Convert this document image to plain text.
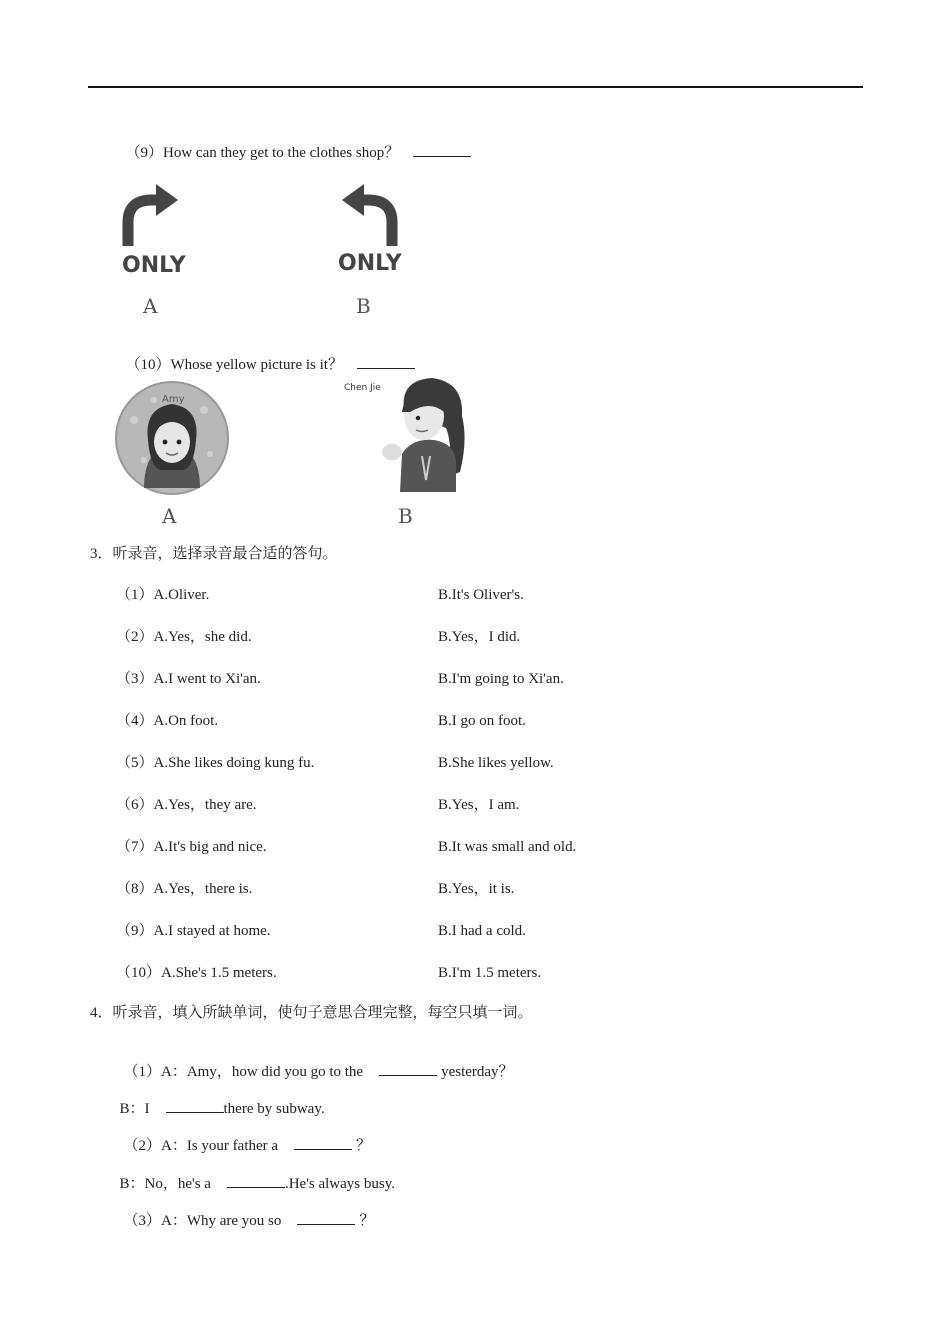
（9）How can they get to the clothes shop？

ONLY
A
ONLY
B

（10）Whose yellow picture is it？

Amy
A
Chen Jie
B
3．听录音，选择录音最合适的答句。
（1）A.Oliver.	B.It's Oliver's.
（2）A.Yes，she did.	B.Yes，I did.
（3）A.I went to Xi'an.	B.I'm going to Xi'an.
（4）A.On foot.	B.I go on foot.
（5）A.She likes doing kung fu.	B.She likes yellow.
（6）A.Yes，they are.	B.Yes，I am.
（7）A.It's big and nice.	B.It was small and old.
（8）A.Yes，there is.	B.Yes，it is.
（9）A.I stayed at home.	B.I had a cold.
（10）A.She's 1.5 meters.	B.I'm 1.5 meters.
4．听录音，填入所缺单词，使句子意思合理完整，每空只填一词。

（1）A：Amy，how did you go to the	yesterday？

B：I	there by subway.

（2）A：Is your father a	？

B：No，he's a	.He's always busy.

（3）A：Why are you so	？
